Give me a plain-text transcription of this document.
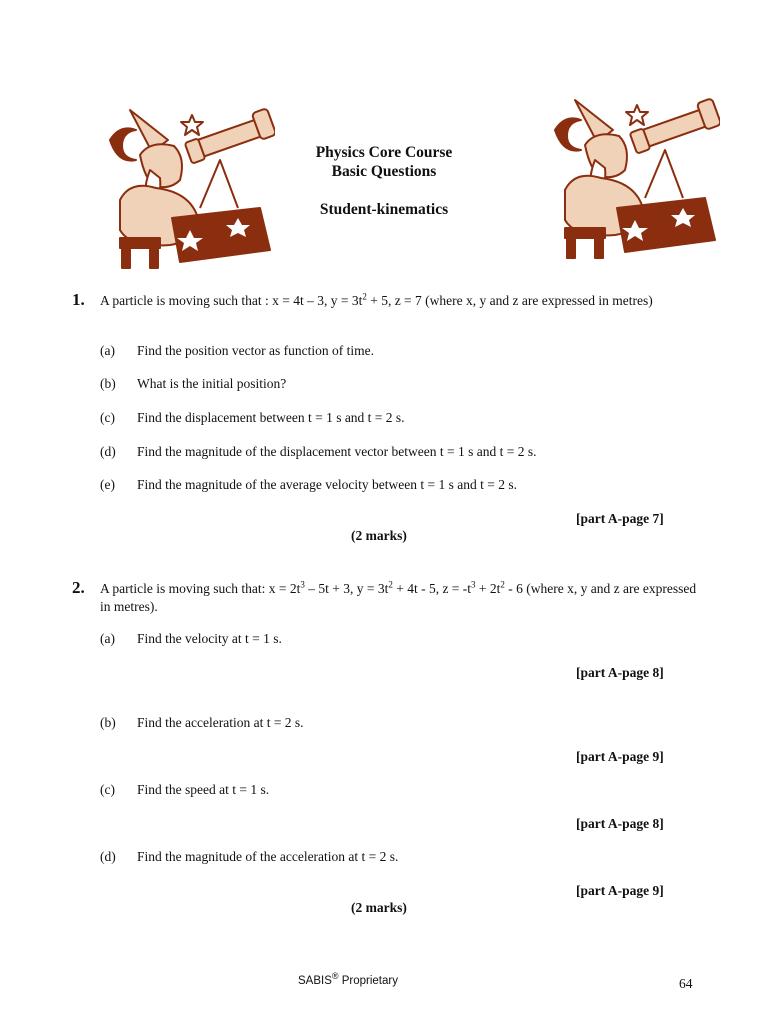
Physics Core Course
Basic Questions
Student-kinematics
1. A particle is moving such that : x = 4t – 3, $y = 3t^2 + 5$, z = 7 (where x, y and z are expressed in metres)
(a) Find the position vector as function of time.
(b) What is the initial position?
(c) Find the displacement between t = 1 s and t = 2 s.
(d) Find the magnitude of the displacement vector between t = 1 s and t = 2 s.
(e) Find the magnitude of the average velocity between t = 1 s and t = 2 s.
[part A-page 7]
(2 marks)
2. A particle is moving such that: $x = 2t^3 - 5t + 3$, $y = 3t^2 + 4t - 5$, $z = -t^3 + 2t^2 - 6$ (where x, y and z are expressed in metres).
(a) Find the velocity at t = 1 s.
[part A-page 8]
(b) Find the acceleration at t = 2 s.
[part A-page 9]
(c) Find the speed at t = 1 s.
[part A-page 8]
(d) Find the magnitude of the acceleration at t = 2 s.
[part A-page 9]
(2 marks)
SABIS® Proprietary	64
